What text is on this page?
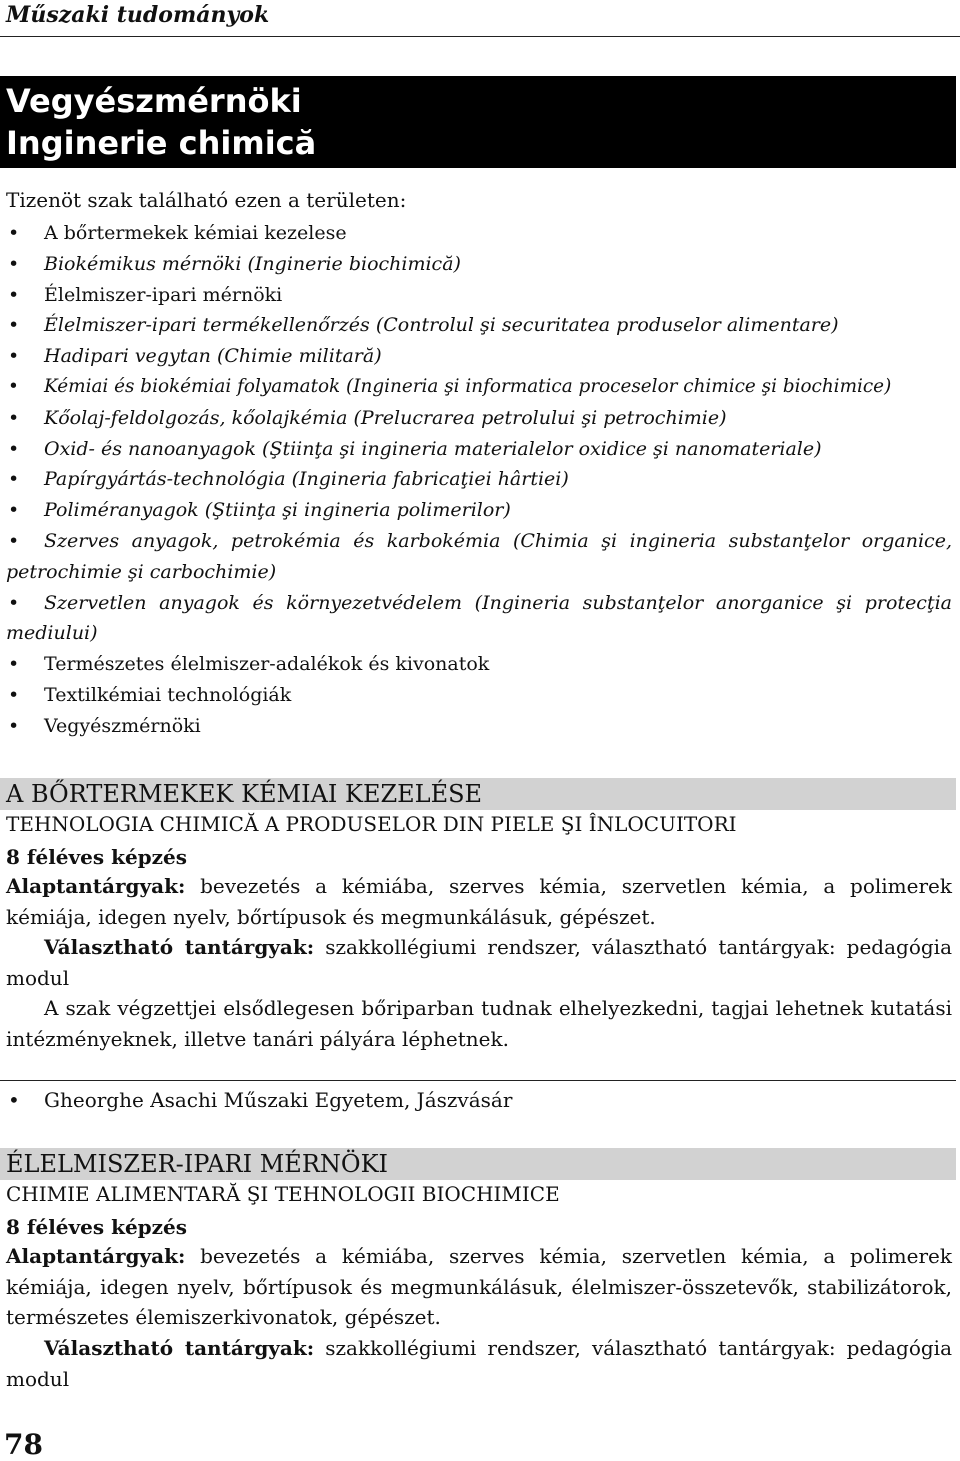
Műszaki tudományok
Vegyészmérnöki
Inginerie chimică
Tizenöt szak található ezen a területen:
• A bőrtermekek kémiai kezelese
• Biokémikus mérnöki (Inginerie biochimică)
• Élelmiszer-ipari mérnöki
• Élelmiszer-ipari termékellenőrzés (Controlul şi securitatea produselor alimentare)
• Hadipari vegytan (Chimie militară)
• Kémiai és biokémiai folyamatok (Ingineria şi informatica proceselor chimice şi biochimice)
• Kőolaj-feldolgozás, kőolajkémia (Prelucrarea petrolului şi petrochimie)
• Oxid- és nanoanyagok (Ştiinţa şi ingineria materialelor oxidice şi nanomateriale)
• Papírgyártás-technológia (Ingineria fabricaţiei hârtiei)
• Poliméranyagok (Ştiinţa şi ingineria polimerilor)
• Szerves anyagok, petrokémia és karbokémia (Chimia şi ingineria substanţelor organice, petrochimie şi carbochimie)
• Szervetlen anyagok és környezetvédelem (Ingineria substanţelor anorganice şi protecţia mediului)
• Természetes élelmiszer-adalékok és kivonatok
• Textilkémiai technológiák
• Vegyészmérnöki
A BŐRTERMEKEK KÉMIAI KEZELÉSE
TEHNOLOGIA CHIMICĂ A PRODUSELOR DIN PIELE ŞI ÎNLOCUITORI
8 féléves képzés
Alaptantárgyak: bevezetés a kémiába, szerves kémia, szervetlen kémia, a polimerek kémiája, idegen nyelv, bőrtípusok és megmunkálásuk, gépészet.
Választható tantárgyak: szakkollégiumi rendszer, választható tantárgyak: pedagógia modul
A szak végzettjei elsődlegesen bőriparban tudnak elhelyezkedni, tagjai lehetnek kutatási intézményeknek, illetve tanári pályára léphetnek.
• Gheorghe Asachi Műszaki Egyetem, Jászvásár
ÉLELMISZER-IPARI MÉRNÖKI
CHIMIE ALIMENTARĂ ŞI TEHNOLOGII BIOCHIMICE
8 féléves képzés
Alaptantárgyak: bevezetés a kémiába, szerves kémia, szervetlen kémia, a polimerek kémiája, idegen nyelv, bőrtípusok és megmunkálásuk, élelmiszer-összetevők, stabilizátorok, természetes élemiszerkivonatok, gépészet.
Választható tantárgyak: szakkollégiumi rendszer, választható tantárgyak: pedagógia modul
78
